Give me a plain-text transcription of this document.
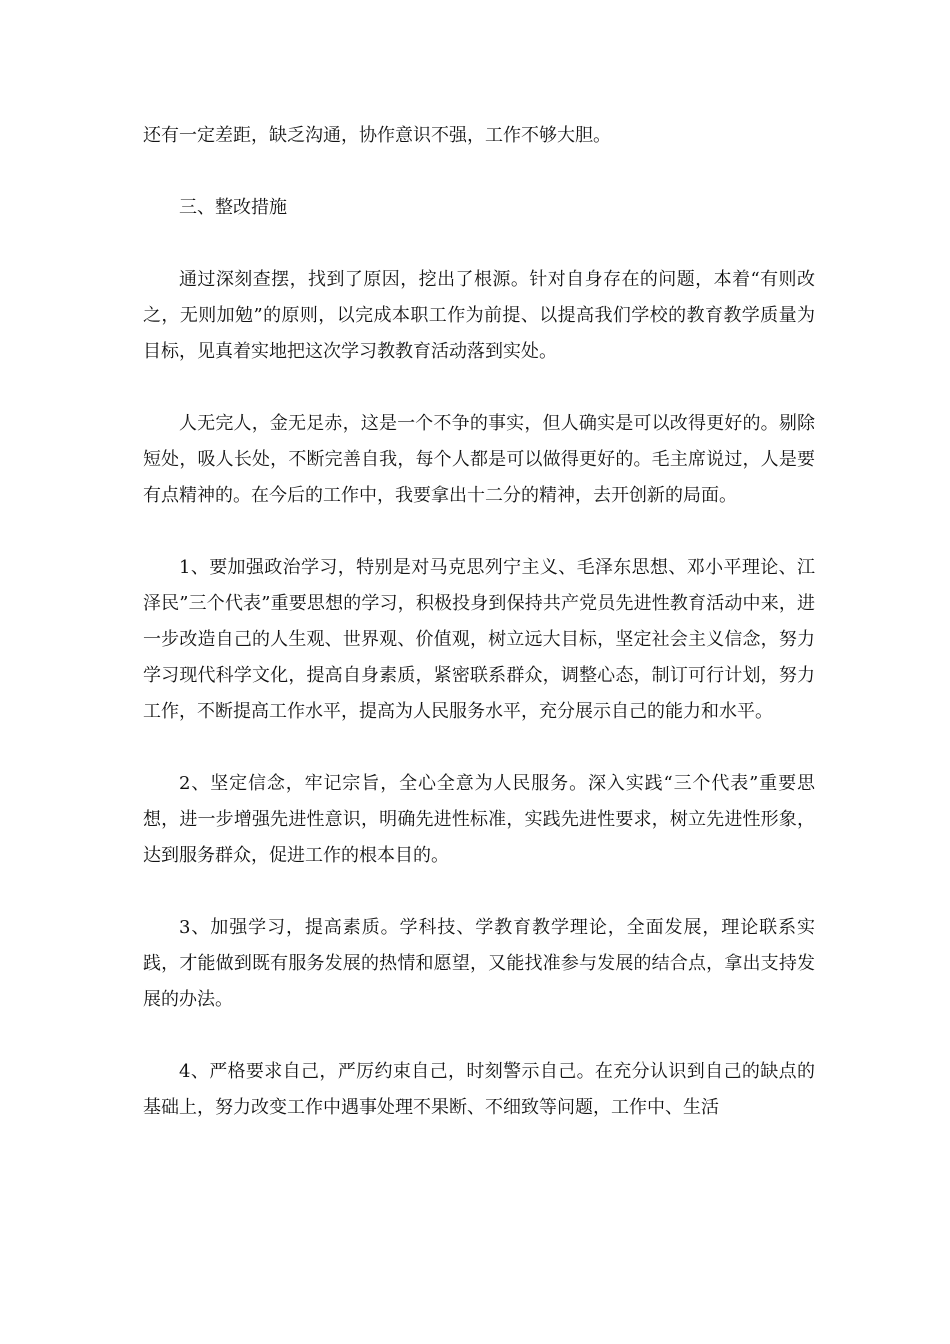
还有一定差距，缺乏沟通，协作意识不强，工作不够大胆。

三、整改措施

通过深刻查摆，找到了原因，挖出了根源。针对自身存在的问题，本着“有则改之，无则加勉”的原则，以完成本职工作为前提、以提高我们学校的教育教学质量为目标，见真着实地把这次学习教教育活动落到实处。

人无完人，金无足赤，这是一个不争的事实，但人确实是可以改得更好的。剔除短处，吸人长处，不断完善自我，每个人都是可以做得更好的。毛主席说过，人是要有点精神的。在今后的工作中，我要拿出十二分的精神，去开创新的局面。

1、要加强政治学习，特别是对马克思列宁主义、毛泽东思想、邓小平理论、江泽民”三个代表”重要思想的学习，积极投身到保持共产党员先进性教育活动中来，进一步改造自己的人生观、世界观、价值观，树立远大目标，坚定社会主义信念，努力学习现代科学文化，提高自身素质，紧密联系群众，调整心态，制订可行计划，努力工作，不断提高工作水平，提高为人民服务水平，充分展示自己的能力和水平。

2、坚定信念，牢记宗旨，全心全意为人民服务。深入实践“三个代表”重要思想，进一步增强先进性意识，明确先进性标准，实践先进性要求，树立先进性形象，达到服务群众，促进工作的根本目的。

3、加强学习，提高素质。学科技、学教育教学理论，全面发展，理论联系实践，才能做到既有服务发展的热情和愿望，又能找准参与发展的结合点，拿出支持发展的办法。

4、严格要求自己，严厉约束自己，时刻警示自己。在充分认识到自己的缺点的基础上，努力改变工作中遇事处理不果断、不细致等问题，工作中、生活
